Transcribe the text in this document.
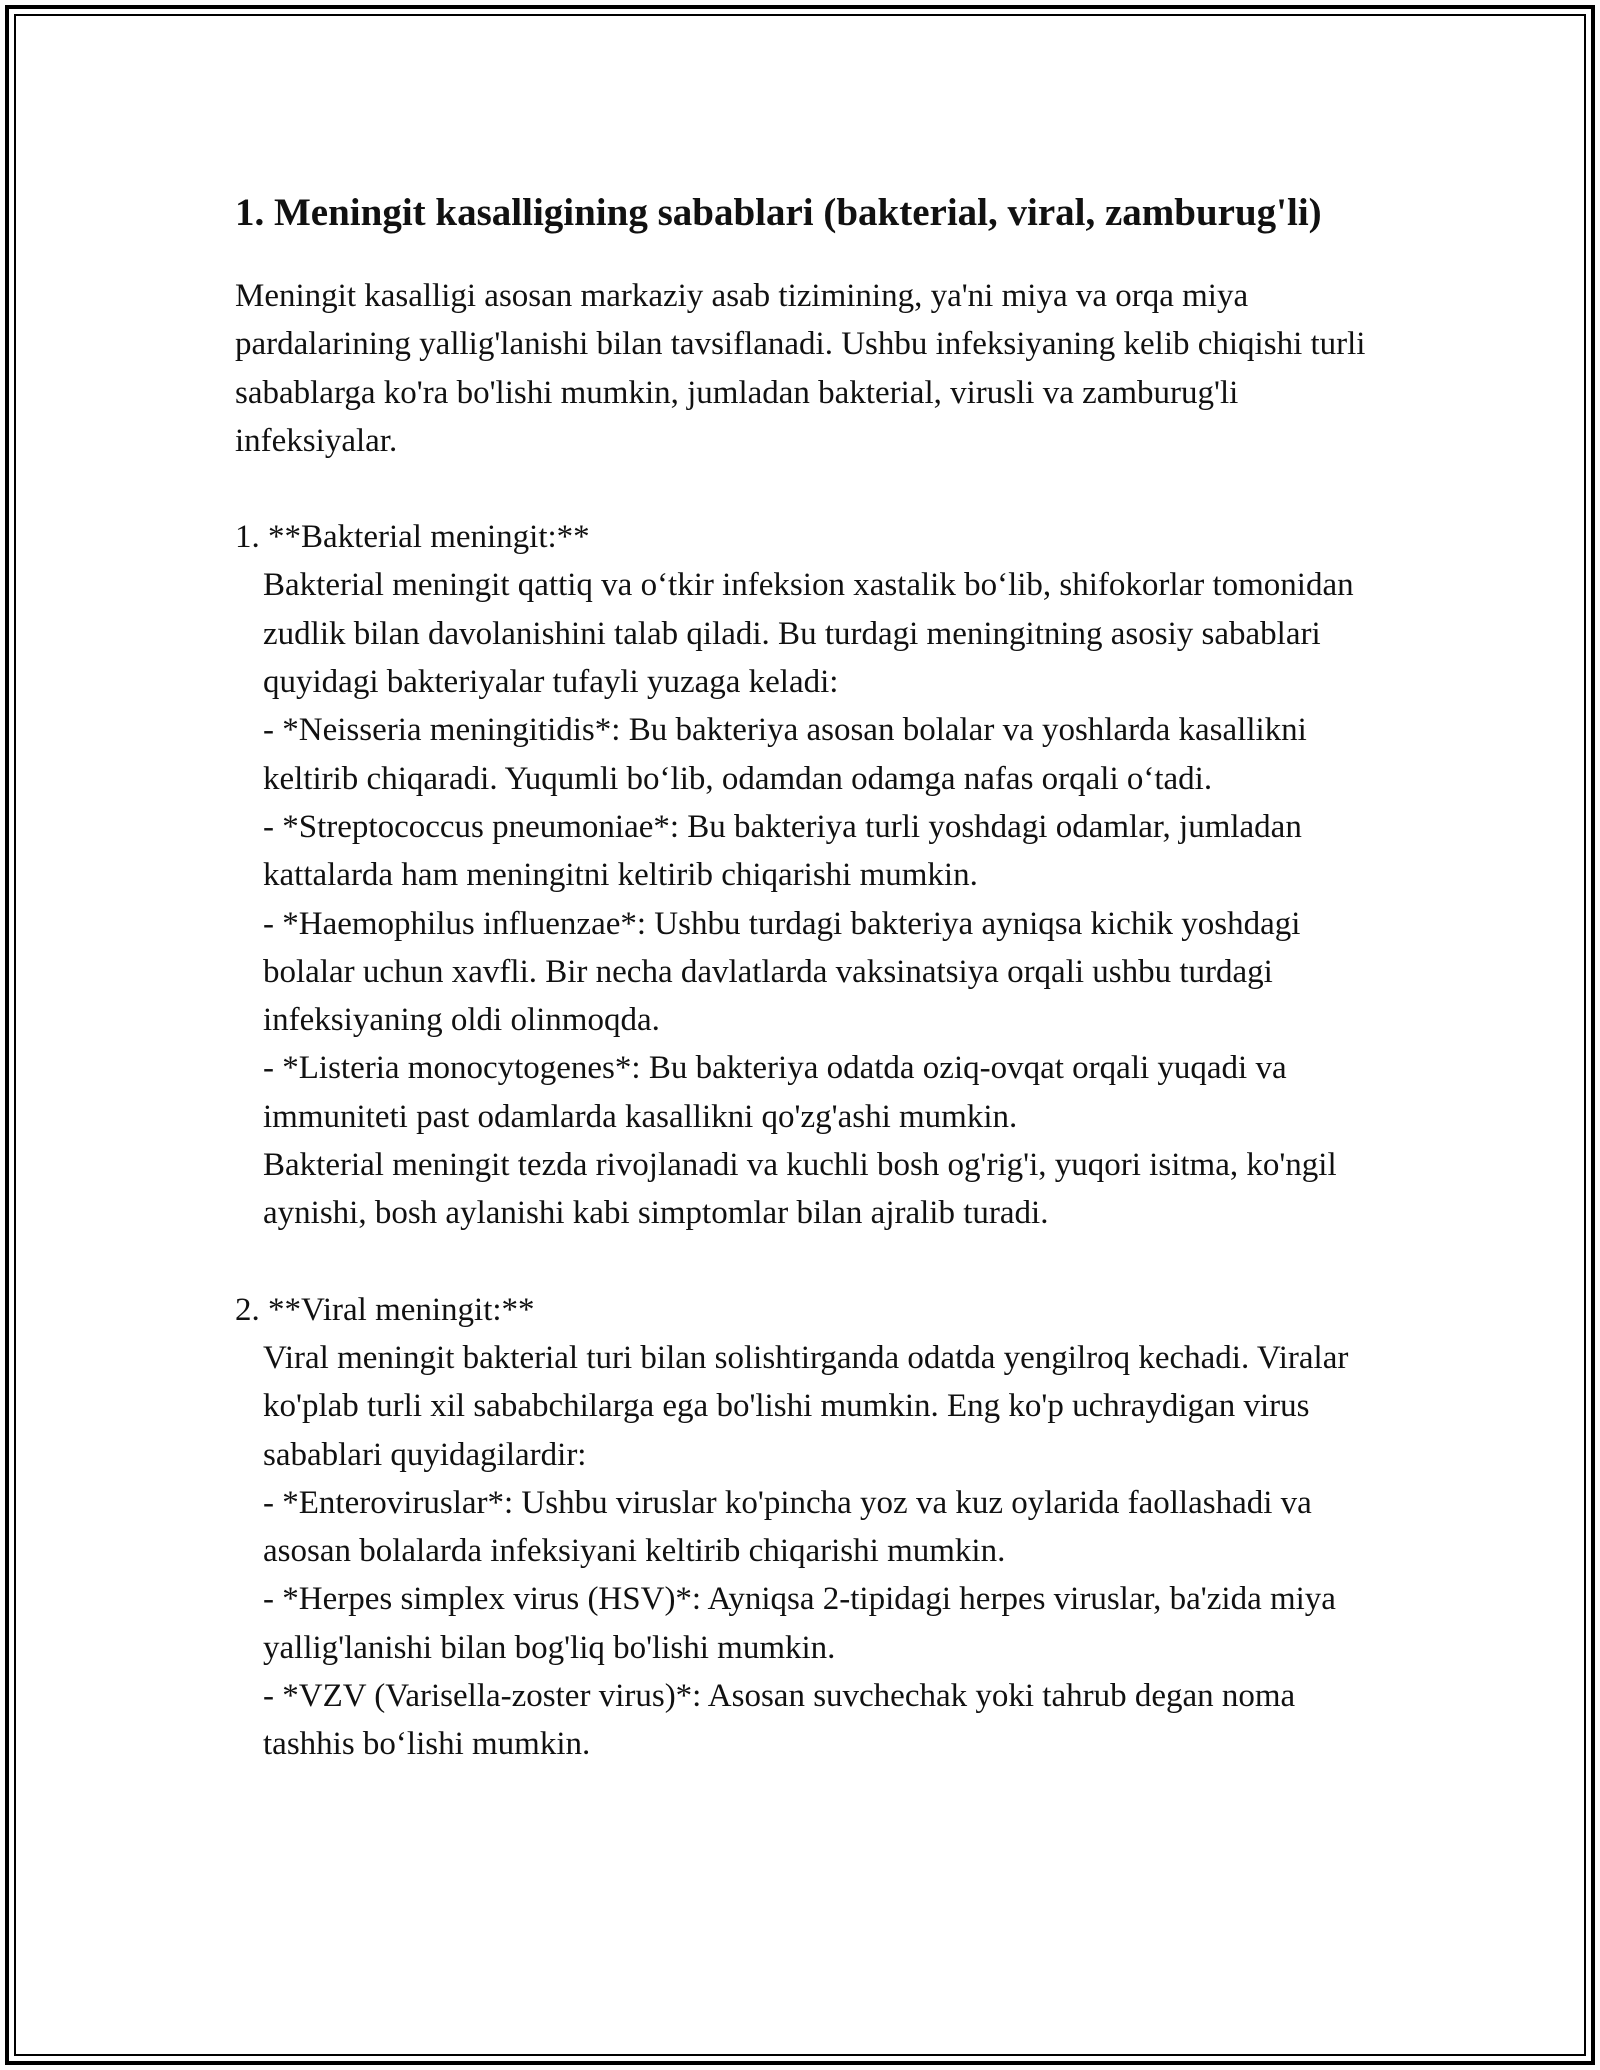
1. Meningit kasalligining sabablari (bakterial, viral, zamburug'li)

Meningit kasalligi asosan markaziy asab tizimining, ya'ni miya va orqa miya pardalarining yallig'lanishi bilan tavsiflanadi. Ushbu infeksiyaning kelib chiqishi turli sabablarga ko'ra bo'lishi mumkin, jumladan bakterial, virusli va zamburug'li infeksiyalar.

1. **Bakterial meningit:**

Bakterial meningit qattiq va o‘tkir infeksion xastalik bo‘lib, shifokorlar tomonidan zudlik bilan davolanishini talab qiladi. Bu turdagi meningitning asosiy sabablari quyidagi bakteriyalar tufayli yuzaga keladi:

- *Neisseria meningitidis*: Bu bakteriya asosan bolalar va yoshlarda kasallikni keltirib chiqaradi. Yuqumli bo‘lib, odamdan odamga nafas orqali o‘tadi.

- *Streptococcus pneumoniae*: Bu bakteriya turli yoshdagi odamlar, jumladan kattalarda ham meningitni keltirib chiqarishi mumkin.

- *Haemophilus influenzae*: Ushbu turdagi bakteriya ayniqsa kichik yoshdagi bolalar uchun xavfli. Bir necha davlatlarda vaksinatsiya orqali ushbu turdagi infeksiyaning oldi olinmoqda.

- *Listeria monocytogenes*: Bu bakteriya odatda oziq-ovqat orqali yuqadi va immuniteti past odamlarda kasallikni qo'zg'ashi mumkin.

Bakterial meningit tezda rivojlanadi va kuchli bosh og'rig'i, yuqori isitma, ko'ngil aynishi, bosh aylanishi kabi simptomlar bilan ajralib turadi.

2. **Viral meningit:**

Viral meningit bakterial turi bilan solishtirganda odatda yengilroq kechadi. Viralar ko'plab turli xil sababchilarga ega bo'lishi mumkin. Eng ko'p uchraydigan virus sabablari quyidagilardir:

- *Enteroviruslar*: Ushbu viruslar ko'pincha yoz va kuz oylarida faollashadi va asosan bolalarda infeksiyani keltirib chiqarishi mumkin.

- *Herpes simplex virus (HSV)*: Ayniqsa 2-tipidagi herpes viruslar, ba'zida miya yallig'lanishi bilan bog'liq bo'lishi mumkin.

- *VZV (Varisella-zoster virus)*: Asosan suvchechak yoki tahrub degan noma tashhis bo‘lishi mumkin.
